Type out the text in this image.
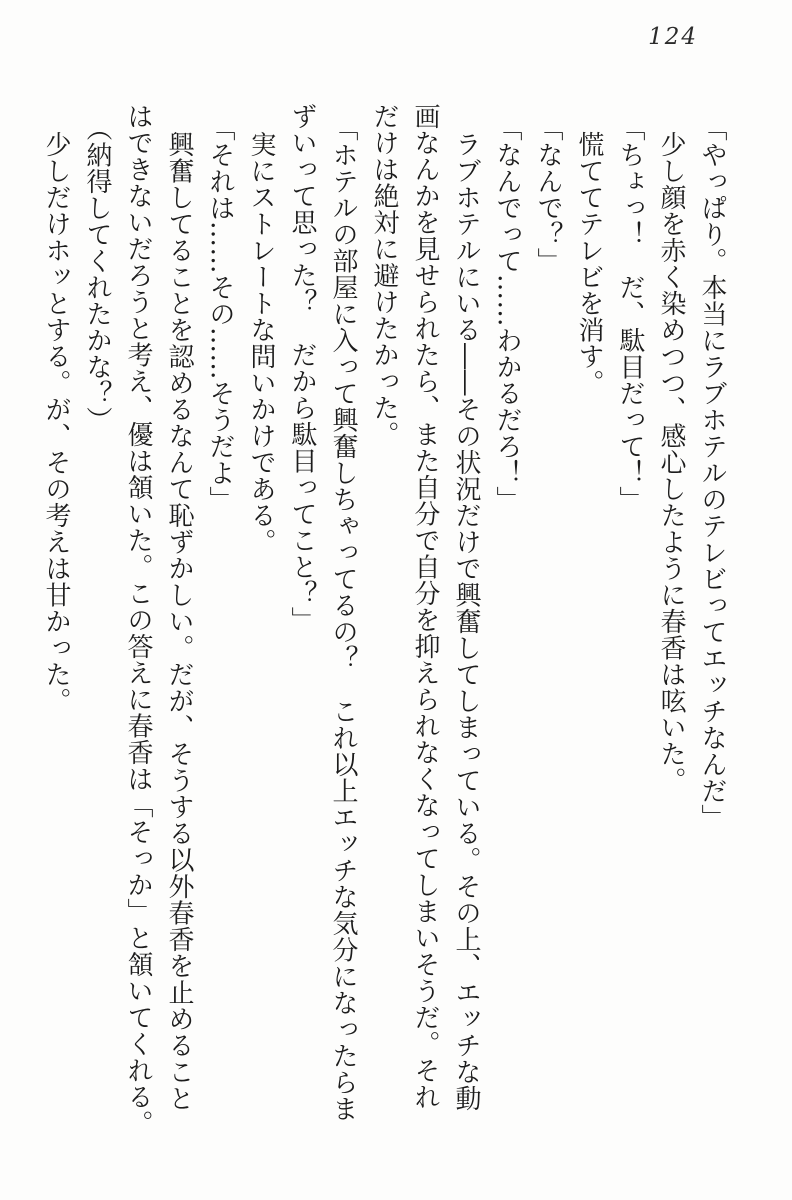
124
「やっぱり。本当にラブホテルのテレビってエッチなんだ」
少し顔を赤く染めつつ、感心したように春香は呟いた。
「ちょっ！　だ、駄目だって！」
慌ててテレビを消す。
「なんで？」
「なんでって……わかるだろ！」
ラブホテルにいる――その状況だけで興奮してしまっている。その上、エッチな動
画なんかを見せられたら、また自分で自分を抑えられなくなってしまいそうだ。それ
だけは絶対に避けたかった。
「ホテルの部屋に入って興奮しちゃってるの？　これ以上エッチな気分になったらま
ずいって思った？　だから駄目ってこと？」
実にストレートな問いかけである。
「それは……その……そうだよ」
興奮してることを認めるなんて恥ずかしい。だが、そうする以外春香を止めること
はできないだろうと考え、優は頷いた。この答えに春香は「そっか」と頷いてくれる。
（納得してくれたかな？）
少しだけホッとする。が、その考えは甘かった。
